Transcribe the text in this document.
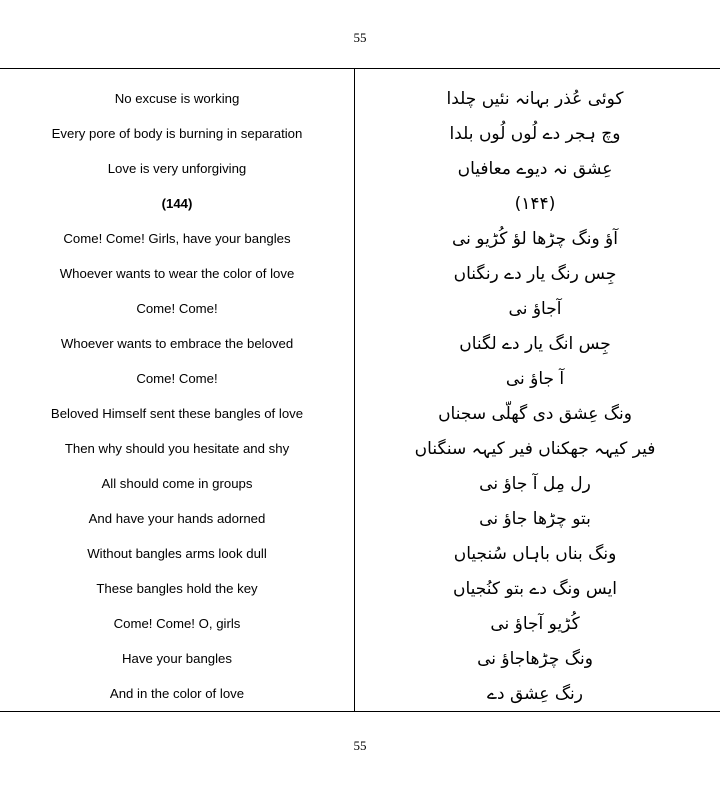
55
No excuse is working
Every pore of body is burning in separation
Love is very unforgiving
(144)
Come! Come! Girls, have your bangles
Whoever wants to wear the color of love
Come! Come!
Whoever wants to embrace the beloved
Come! Come!
Beloved Himself sent these bangles of love
Then why should you hesitate and shy
All should come in groups
And have your hands adorned
Without bangles arms look dull
These bangles hold the key
Come! Come! O, girls
Have your bangles
And in the color of love
کوئی عُذر بہانہ نئیں چلدا
وچ ہجر دے لُوں لُوں بلدا
عِشق نہ دیوے معافیاں
(۱۴۴)
آؤ ونگ چڑھا لؤ کُڑیو نی
جِس رنگ یار دے رنگناں
آجاؤ نی
جِس انگ یار دے لگناں
آ جاؤ نی
ونگ عِشق دی گھلّی سجناں
فیر کیہہ جھکناں فیر کیہہ سنگناں
رل مِل آ جاؤ نی
بتو چڑھا جاؤ نی
ونگ بناں باہاں سُنجیاں
ایس ونگ دے بتو کنُجیاں
کُڑیو آجاؤ نی
ونگ چڑھاجاؤ نی
رنگ عِشق دے
55
